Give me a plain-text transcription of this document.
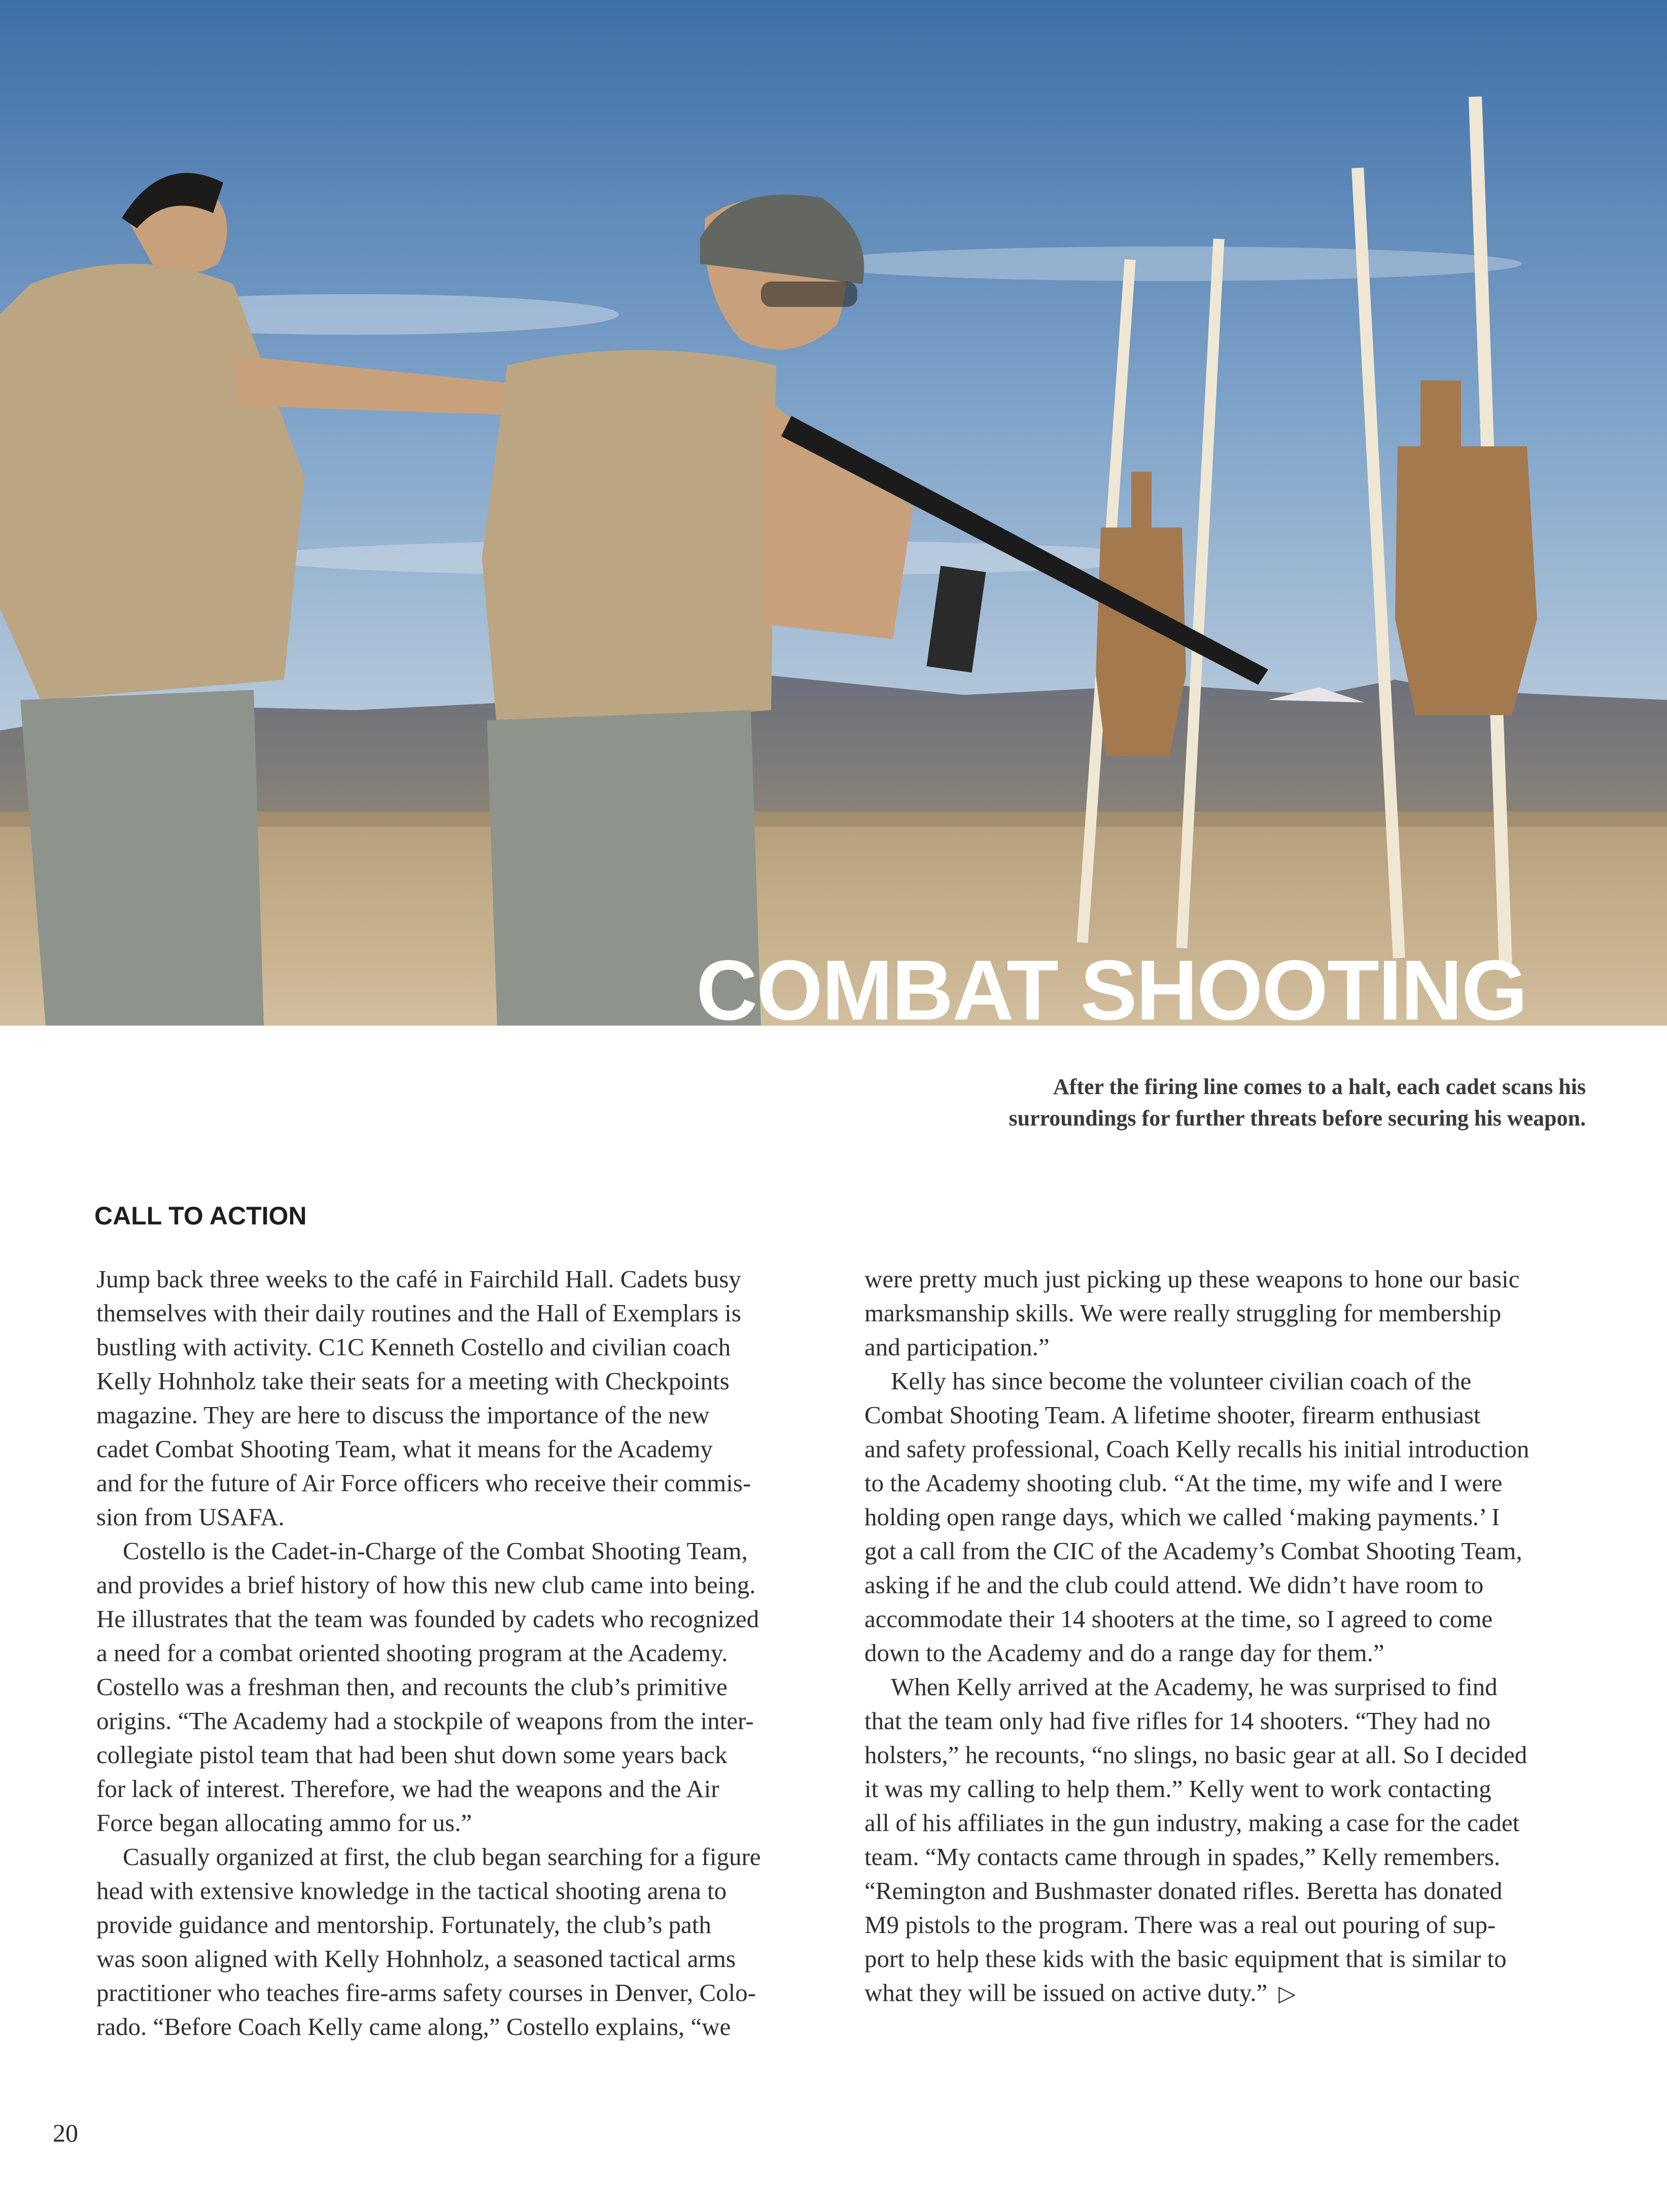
COMBAT SHOOTING
After the firing line comes to a halt, each cadet scans his
surroundings for further threats before securing his weapon.
CALL TO ACTION
Jump back three weeks to the café in Fairchild Hall. Cadets busy
themselves with their daily routines and the Hall of Exemplars is
bustling with activity. C1C Kenneth Costello and civilian coach
Kelly Hohnholz take their seats for a meeting with Checkpoints
magazine. They are here to discuss the importance of the new
cadet Combat Shooting Team, what it means for the Academy
and for the future of Air Force officers who receive their commis-
sion from USAFA.
Costello is the Cadet-in-Charge of the Combat Shooting Team,
and provides a brief history of how this new club came into being.
He illustrates that the team was founded by cadets who recognized
a need for a combat oriented shooting program at the Academy.
Costello was a freshman then, and recounts the club’s primitive
origins. “The Academy had a stockpile of weapons from the inter-
collegiate pistol team that had been shut down some years back
for lack of interest. Therefore, we had the weapons and the Air
Force began allocating ammo for us.”
Casually organized at first, the club began searching for a figure
head with extensive knowledge in the tactical shooting arena to
provide guidance and mentorship. Fortunately, the club’s path
was soon aligned with Kelly Hohnholz, a seasoned tactical arms
practitioner who teaches fire-arms safety courses in Denver, Colo-
rado. “Before Coach Kelly came along,” Costello explains, “we
were pretty much just picking up these weapons to hone our basic
marksmanship skills. We were really struggling for membership
and participation.”
Kelly has since become the volunteer civilian coach of the
Combat Shooting Team. A lifetime shooter, firearm enthusiast
and safety professional, Coach Kelly recalls his initial introduction
to the Academy shooting club. “At the time, my wife and I were
holding open range days, which we called ‘making payments.’ I
got a call from the CIC of the Academy’s Combat Shooting Team,
asking if he and the club could attend. We didn’t have room to
accommodate their 14 shooters at the time, so I agreed to come
down to the Academy and do a range day for them.”
When Kelly arrived at the Academy, he was surprised to find
that the team only had five rifles for 14 shooters. “They had no
holsters,” he recounts, “no slings, no basic gear at all. So I decided
it was my calling to help them.” Kelly went to work contacting
all of his affiliates in the gun industry, making a case for the cadet
team. “My contacts came through in spades,” Kelly remembers.
“Remington and Bushmaster donated rifles. Beretta has donated
M9 pistols to the program. There was a real out pouring of sup-
port to help these kids with the basic equipment that is similar to
what they will be issued on active duty.” ▷
20
